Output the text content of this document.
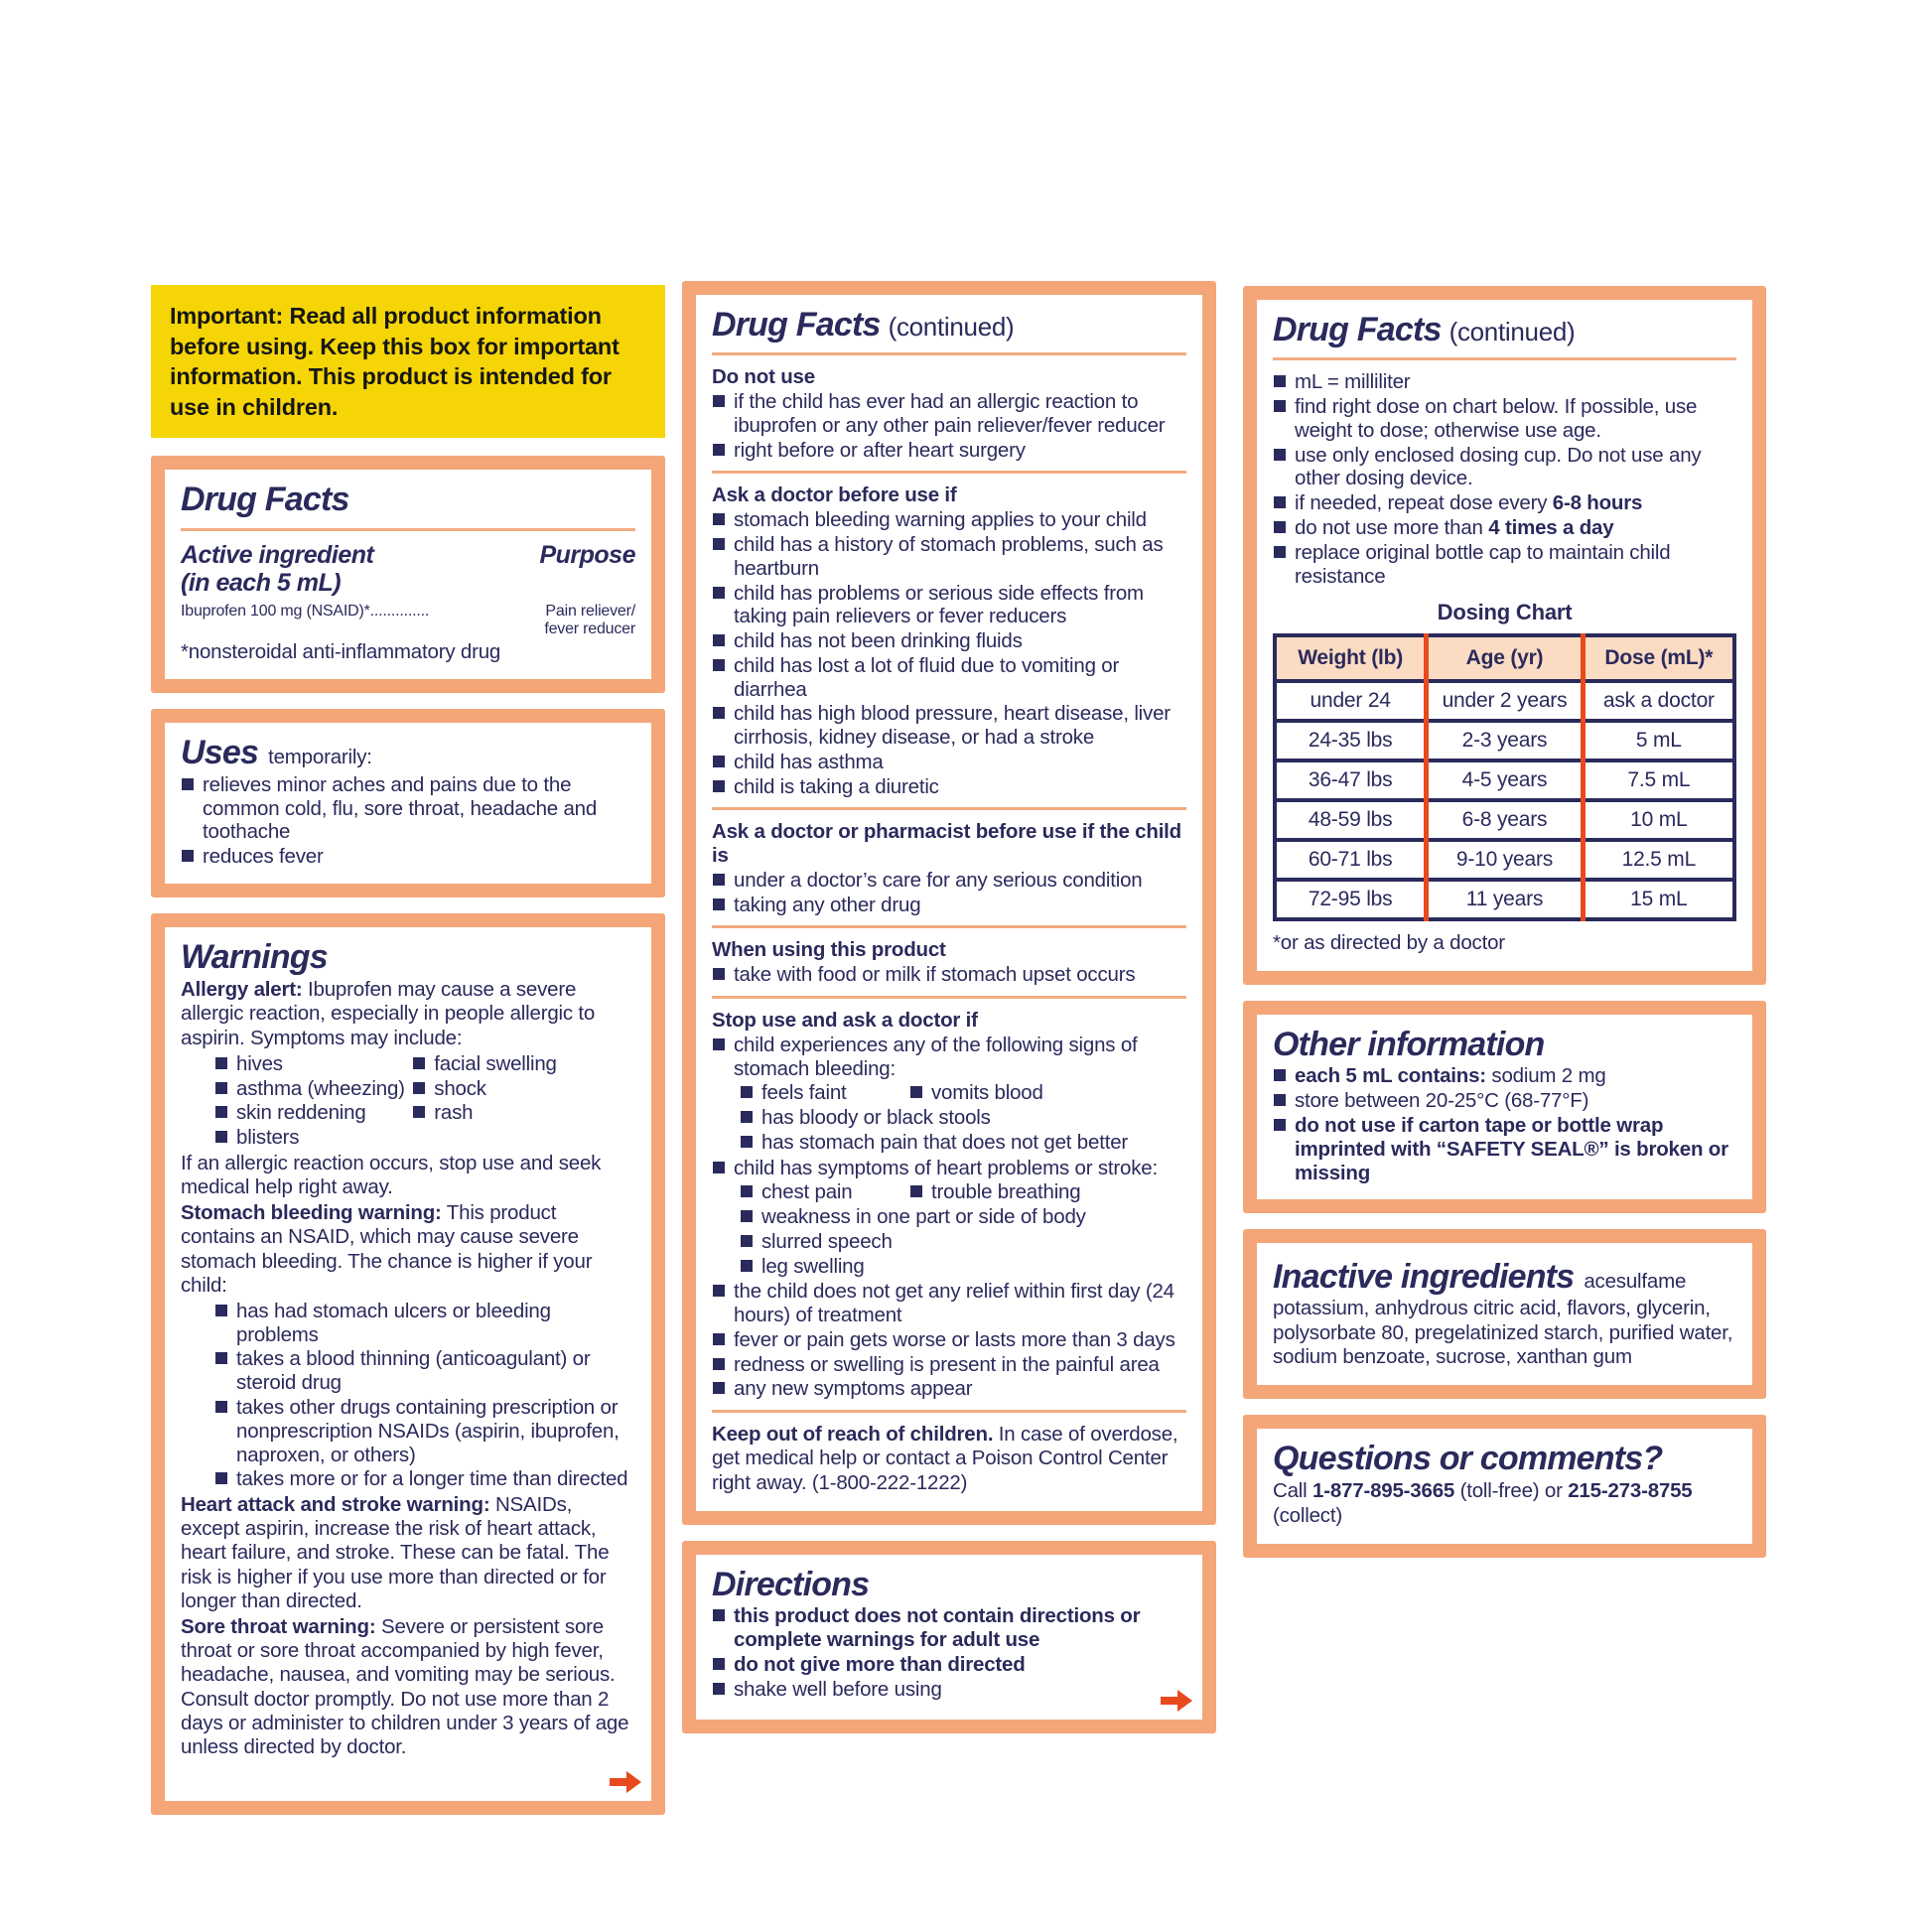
Important: Read all product information before using. Keep this box for important information. This product is intended for use in children.
Drug Facts
Active ingredient
(in each 5 mL)
Purpose
Ibuprofen 100 mg (NSAID)*..............	Pain reliever/
fever reducer

*nonsteroidal anti-inflammatory drug

Uses temporarily:
relieves minor aches and pains due to the common cold, flu, sore throat, headache and toothache
reduces fever
Warnings

Allergy alert: Ibuprofen may cause a severe allergic reaction, especially in people allergic to aspirin. Symptoms may include:

hives	facial swelling
asthma (wheezing)	shock
skin reddening	rash
blisters

If an allergic reaction occurs, stop use and seek medical help right away.

Stomach bleeding warning: This product contains an NSAID, which may cause severe stomach bleeding. The chance is higher if your child:

has had stomach ulcers or bleeding problems
takes a blood thinning (anticoagulant) or steroid drug
takes other drugs containing prescription or nonprescription NSAIDs (aspirin, ibuprofen, naproxen, or others)
takes more or for a longer time than directed

Heart attack and stroke warning: NSAIDs, except aspirin, increase the risk of heart attack, heart failure, and stroke. These can be fatal. The risk is higher if you use more than directed or for longer than directed.

Sore throat warning: Severe or persistent sore throat or sore throat accompanied by high fever, headache, nausea, and vomiting may be serious. Consult doctor promptly. Do not use more than 2 days or administer to children under 3 years of age unless directed by doctor.

Drug Facts (continued)
Do not use
if the child has ever had an allergic reaction to ibuprofen or any other pain reliever/fever reducer
right before or after heart surgery
Ask a doctor before use if
stomach bleeding warning applies to your child
child has a history of stomach problems, such as heartburn
child has problems or serious side effects from taking pain relievers or fever reducers
child has not been drinking fluids
child has lost a lot of fluid due to vomiting or diarrhea
child has high blood pressure, heart disease, liver cirrhosis, kidney disease, or had a stroke
child has asthma
child is taking a diuretic
Ask a doctor or pharmacist before use if the child is
under a doctor’s care for any serious condition
taking any other drug
When using this product
take with food or milk if stomach upset occurs
Stop use and ask a doctor if
child experiences any of the following signs of stomach bleeding:
feels faint	vomits blood
has bloody or black stools
has stomach pain that does not get better
child has symptoms of heart problems or stroke:
chest pain	trouble breathing
weakness in one part or side of body
slurred speech
leg swelling
the child does not get any relief within first day (24 hours) of treatment
fever or pain gets worse or lasts more than 3 days
redness or swelling is present in the painful area
any new symptoms appear

Keep out of reach of children. In case of overdose, get medical help or contact a Poison Control Center right away. (1-800-222-1222)

Directions
this product does not contain directions or complete warnings for adult use
do not give more than directed
shake well before using
Drug Facts (continued)
mL = milliliter
find right dose on chart below. If possible, use weight to dose; otherwise use age.
use only enclosed dosing cup. Do not use any other dosing device.
if needed, repeat dose every 6-8 hours
do not use more than 4 times a day
replace original bottle cap to maintain child resistance
Dosing Chart
Weight (lb)	Age (yr)	Dose (mL)*
under 24	under 2 years	ask a doctor
24-35 lbs	2-3 years	5 mL
36-47 lbs	4-5 years	7.5 mL
48-59 lbs	6-8 years	10 mL
60-71 lbs	9-10 years	12.5 mL
72-95 lbs	11 years	15 mL

*or as directed by a doctor

Other information
each 5 mL contains: sodium 2 mg
store between 20-25°C (68-77°F)
do not use if carton tape or bottle wrap imprinted with “SAFETY SEAL®” is broken or missing

Inactive ingredients acesulfame potassium, anhydrous citric acid, flavors, glycerin, polysorbate 80, pregelatinized starch, purified water, sodium benzoate, sucrose, xanthan gum

Questions or comments?

Call 1-877-895-3665 (toll-free) or 215-273-8755 (collect)
